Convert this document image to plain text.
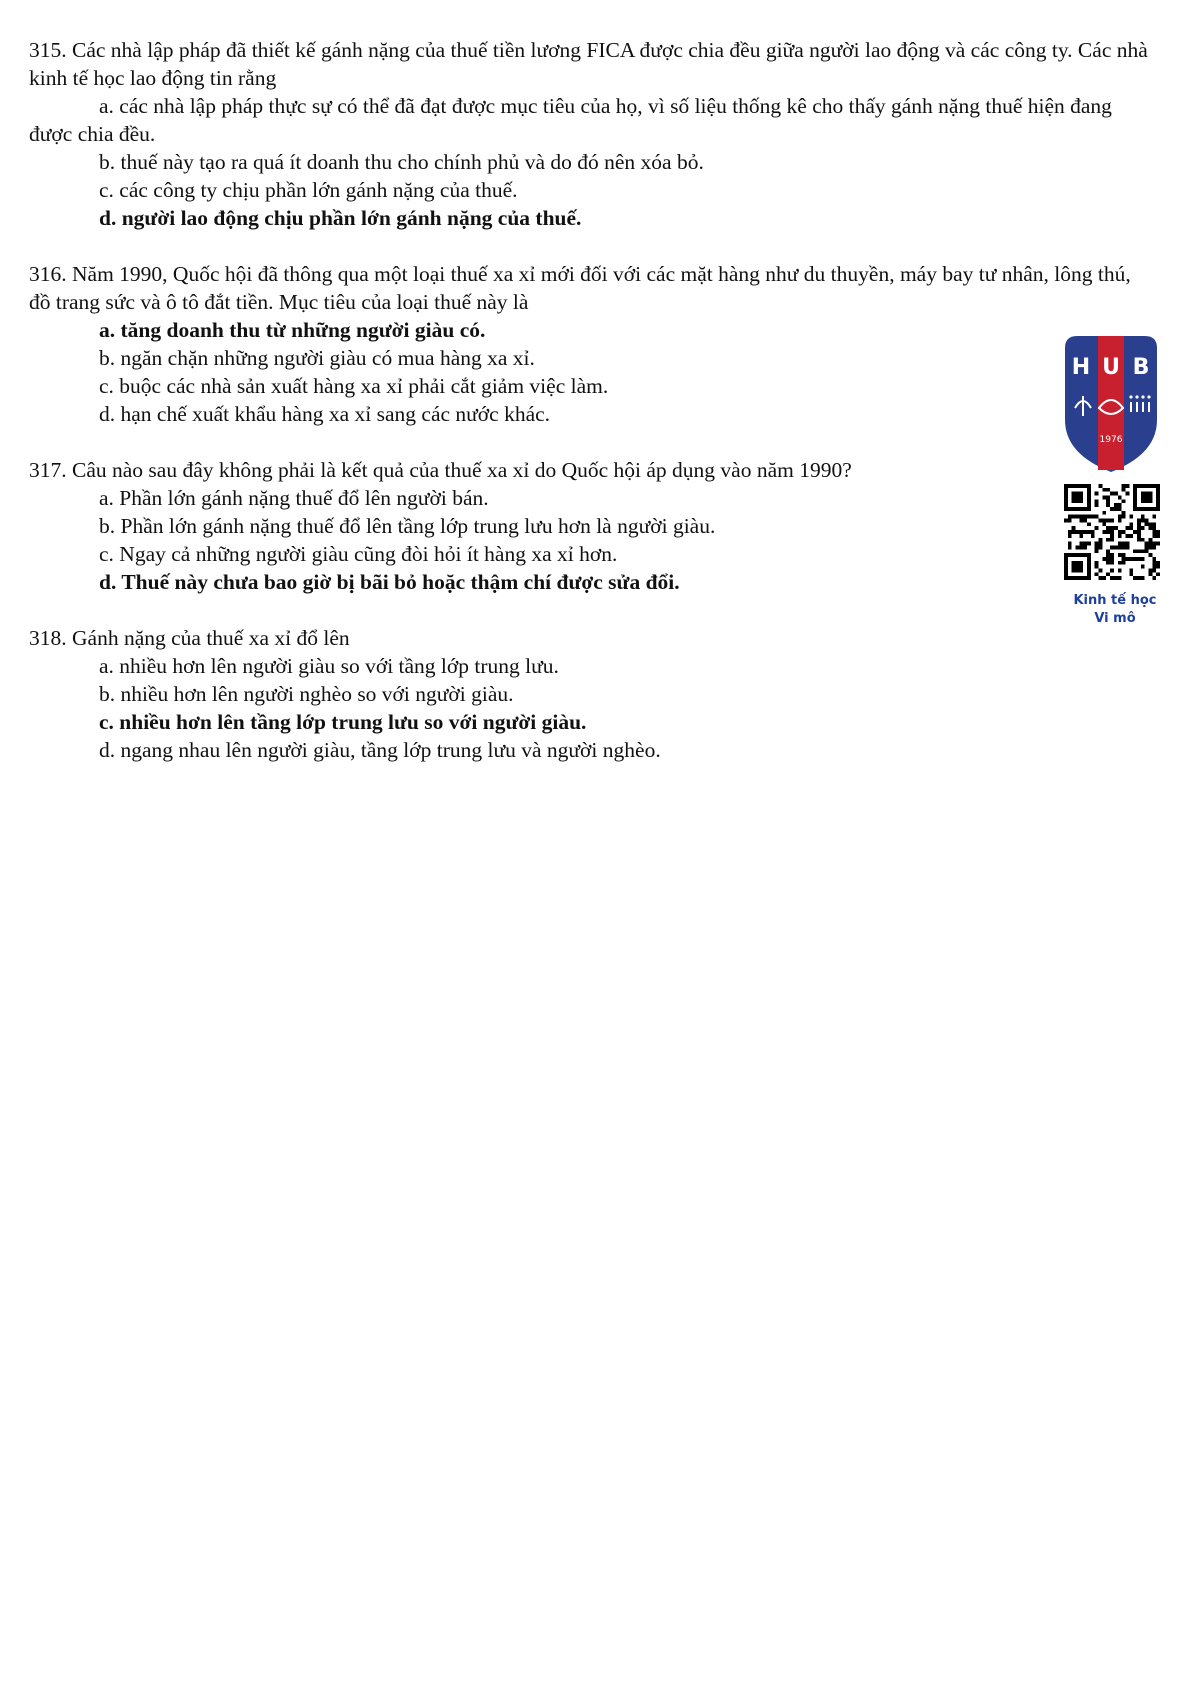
315. Các nhà lập pháp đã thiết kế gánh nặng của thuế tiền lương FICA được chia đều giữa người lao động và các công ty. Các nhà kinh tế học lao động tin rằng

a. các nhà lập pháp thực sự có thể đã đạt được mục tiêu của họ, vì số liệu thống kê cho thấy gánh nặng thuế hiện đang được chia đều.

b. thuế này tạo ra quá ít doanh thu cho chính phủ và do đó nên xóa bỏ.

c. các công ty chịu phần lớn gánh nặng của thuế.

d. người lao động chịu phần lớn gánh nặng của thuế.

316. Năm 1990, Quốc hội đã thông qua một loại thuế xa xỉ mới đối với các mặt hàng như du thuyền, máy bay tư nhân, lông thú, đồ trang sức và ô tô đắt tiền. Mục tiêu của loại thuế này là

a. tăng doanh thu từ những người giàu có.

b. ngăn chặn những người giàu có mua hàng xa xỉ.

c. buộc các nhà sản xuất hàng xa xỉ phải cắt giảm việc làm.

d. hạn chế xuất khẩu hàng xa xỉ sang các nước khác.

317. Câu nào sau đây không phải là kết quả của thuế xa xỉ do Quốc hội áp dụng vào năm 1990?

a. Phần lớn gánh nặng thuế đổ lên người bán.

b. Phần lớn gánh nặng thuế đổ lên tầng lớp trung lưu hơn là người giàu.

c. Ngay cả những người giàu cũng đòi hỏi ít hàng xa xỉ hơn.

d. Thuế này chưa bao giờ bị bãi bỏ hoặc thậm chí được sửa đổi.

318. Gánh nặng của thuế xa xỉ đổ lên

a. nhiều hơn lên người giàu so với tầng lớp trung lưu.

b. nhiều hơn lên người nghèo so với người giàu.

c. nhiều hơn lên tầng lớp trung lưu so với người giàu.

d. ngang nhau lên người giàu, tầng lớp trung lưu và người nghèo.

H U B
1976
Kinh tế học
Vi mô
